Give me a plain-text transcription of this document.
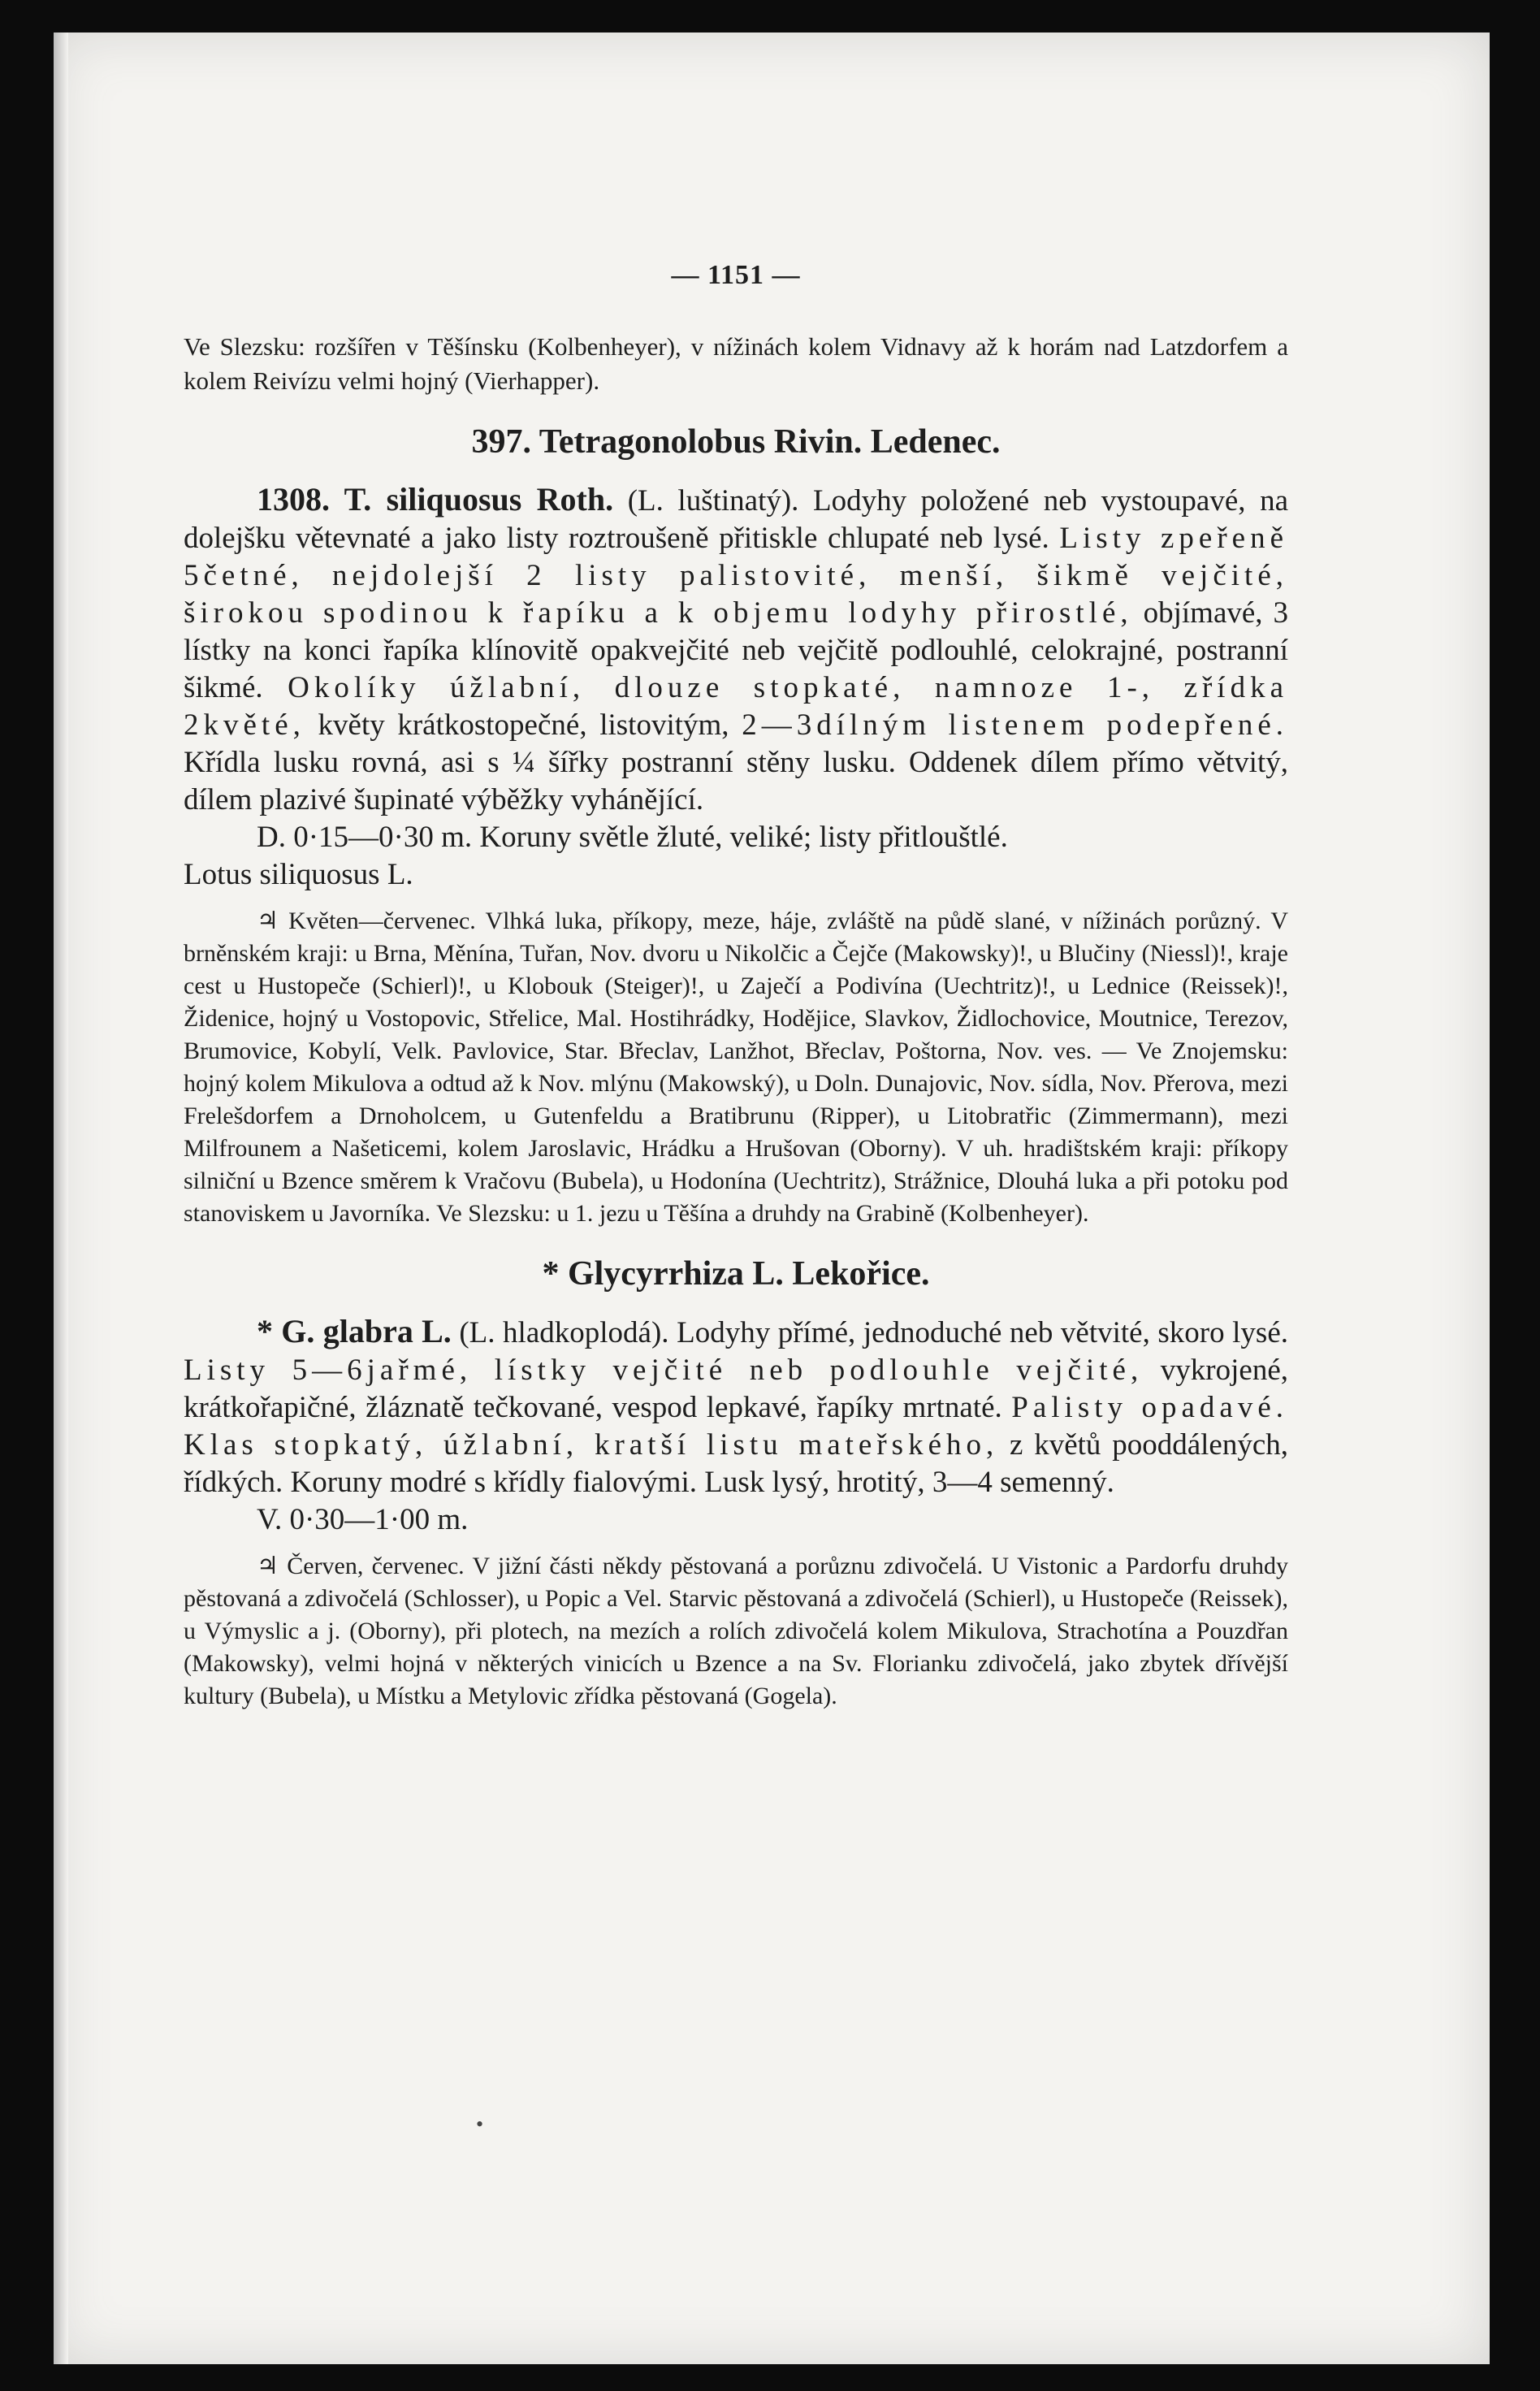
— 1151 —

Ve Slezsku: rozšířen v Těšínsku (Kolbenheyer), v nížinách kolem Vidnavy až k horám nad Latzdorfem a kolem Reivízu velmi hojný (Vierhapper).

397. Tetragonolobus Rivin. Ledenec.

1308. T. siliquosus Roth. (L. luštinatý). Lodyhy položené neb vystoupavé, na dolejšku větevnaté a jako listy roztroušeně přitiskle chlupaté neb lysé. Listy zpeřeně 5četné, nejdolejší 2 listy palistovité, menší, šikmě vejčité, širokou spodinou k řapíku a k objemu lodyhy přirostlé, objímavé, 3 lístky na konci řapíka klínovitě opakvejčité neb vejčitě podlouhlé, celokrajné, postranní šikmé. Okolíky úžlabní, dlouze stopkaté, namnoze 1-, zřídka 2květé, květy krátkostopečné, listovitým, 2—3dílným listenem podepřené. Křídla lusku rovná, asi s ¼ šířky postranní stěny lusku. Oddenek dílem přímo větvitý, dílem plazivé šupinaté výběžky vyhánějící.
D. 0·15—0·30 m. Koruny světle žluté, veliké; listy přitlouštlé.
Lotus siliquosus L.

♃ Květen—červenec. Vlhká luka, příkopy, meze, háje, zvláště na půdě slané, v nížinách porůzný. V brněnském kraji: u Brna, Měnína, Tuřan, Nov. dvoru u Nikolčic a Čejče (Makowsky)!, u Blučiny (Niessl)!, kraje cest u Hustopeče (Schierl)!, u Klobouk (Steiger)!, u Zaječí a Podivína (Uechtritz)!, u Lednice (Reissek)!, Židenice, hojný u Vostopovic, Střelice, Mal. Hostihrádky, Hodějice, Slavkov, Židlochovice, Moutnice, Terezov, Brumovice, Kobylí, Velk. Pavlovice, Star. Břeclav, Lanžhot, Břeclav, Poštorna, Nov. ves. — Ve Znojemsku: hojný kolem Mikulova a odtud až k Nov. mlýnu (Makowský), u Doln. Dunajovic, Nov. sídla, Nov. Přerova, mezi Frelešdorfem a Drnoholcem, u Gutenfeldu a Bratibrunu (Ripper), u Litobratřic (Zimmermann), mezi Milfrounem a Našeticemi, kolem Jaroslavic, Hrádku a Hrušovan (Oborny). V uh. hradištském kraji: příkopy silniční u Bzence směrem k Vračovu (Bubela), u Hodonína (Uechtritz), Strážnice, Dlouhá luka a při potoku pod stanoviskem u Javorníka. Ve Slezsku: u 1. jezu u Těšína a druhdy na Grabině (Kolbenheyer).

* Glycyrrhiza L. Lekořice.

* G. glabra L. (L. hladkoplodá). Lodyhy přímé, jednoduché neb větvité, skoro lysé. Listy 5—6jařmé, lístky vejčité neb podlouhle vejčité, vykrojené, krátkořapičné, žláznatě tečkované, vespod lepkavé, řapíky mrtnaté. Palisty opadavé. Klas stopkatý, úžlabní, kratší listu mateřského, z květů pooddálených, řídkých. Koruny modré s křídly fialovými. Lusk lysý, hrotitý, 3—4 semenný.
V. 0·30—1·00 m.

♃ Červen, červenec. V jižní části někdy pěstovaná a porůznu zdivočelá. U Vistonic a Pardorfu druhdy pěstovaná a zdivočelá (Schlosser), u Popic a Vel. Starvic pěstovaná a zdivočelá (Schierl), u Hustopeče (Reissek), u Výmyslic a j. (Oborny), při plotech, na mezích a rolích zdivočelá kolem Mikulova, Strachotína a Pouzdřan (Makowsky), velmi hojná v některých vinicích u Bzence a na Sv. Florianku zdivočelá, jako zbytek dřívější kultury (Bubela), u Místku a Metylovic zřídka pěstovaná (Gogela).

•
